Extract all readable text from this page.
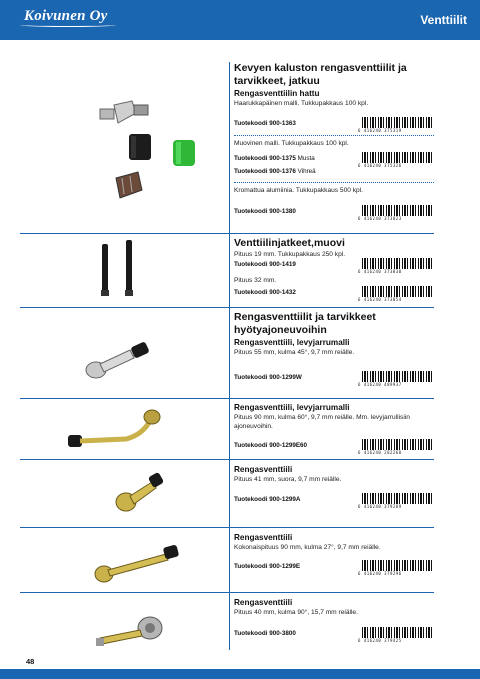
Koivunen Oy	Venttiilit
Kevyen kaluston rengasventtiilit ja tarvikkeet, jatkuu
Rengasventtiilin hattu
Haarukkapäinen malli. Tukkupakkaus 100 kpl.
Tuotekoodi 900-1363
6 416240 375319
Muovinen malli. Tukkupakkaus 100 kpl.
Tuotekoodi 900-1375 Musta
6 416240 375326
Tuotekoodi 900-1376 Vihreä
Kromattua alumiinia. Tukkupakkaus 500 kpl.
Tuotekoodi 900-1380
6 416240 373823
Venttiilinjatkeet,muovi
Pituus 19 mm. Tukkupakkaus 250 kpl.
Tuotekoodi 900-1419
6 416240 373830
Pituus 32 mm.
Tuotekoodi 900-1432
6 416240 373854
Rengasventtiilit ja tarvikkeet hyötyajoneuvoihin
Rengasventtiili, levyjarrumalli
Pituus 55 mm, kulma 45°, 9,7 mm reiälle.
Tuotekoodi 900-1299W
6 416240 489937
Rengasventtiili, levyjarrumalli
Pituus 90 mm, kulma 60°, 9,7 mm reiälle. Mm. levyjarrullisiin ajoneuvoihin.
Tuotekoodi 900-1299E60
6 416240 282260
Rengasventtiili
Pituus 41 mm, suora, 9,7 mm reiälle.
Tuotekoodi 900-1299A
6 416240 379289
Rengasventtiili
Kokonaispituus 90 mm, kulma 27°, 9,7 mm reiälle.
Tuotekoodi 900-1299E
6 416240 379296
Rengasventtiili
Pituus 40 mm, kulma 90°, 15,7 mm reiälle.
Tuotekoodi 900-3800
6 416240 379425
48
